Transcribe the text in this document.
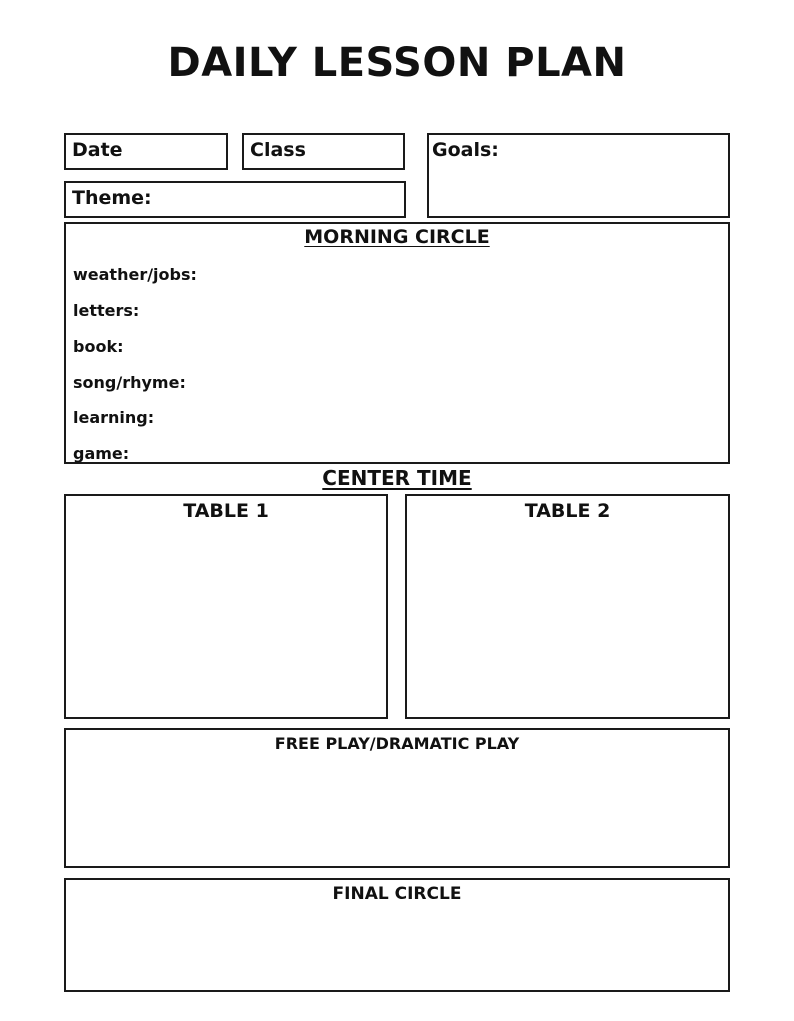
DAILY LESSON PLAN
Date	Class	Goals:
Theme:
MORNING CIRCLE
weather/jobs:
letters:
book:
song/rhyme:
learning:
game:
CENTER TIME
TABLE 1	TABLE 2
FREE PLAY/DRAMATIC PLAY
FINAL CIRCLE
